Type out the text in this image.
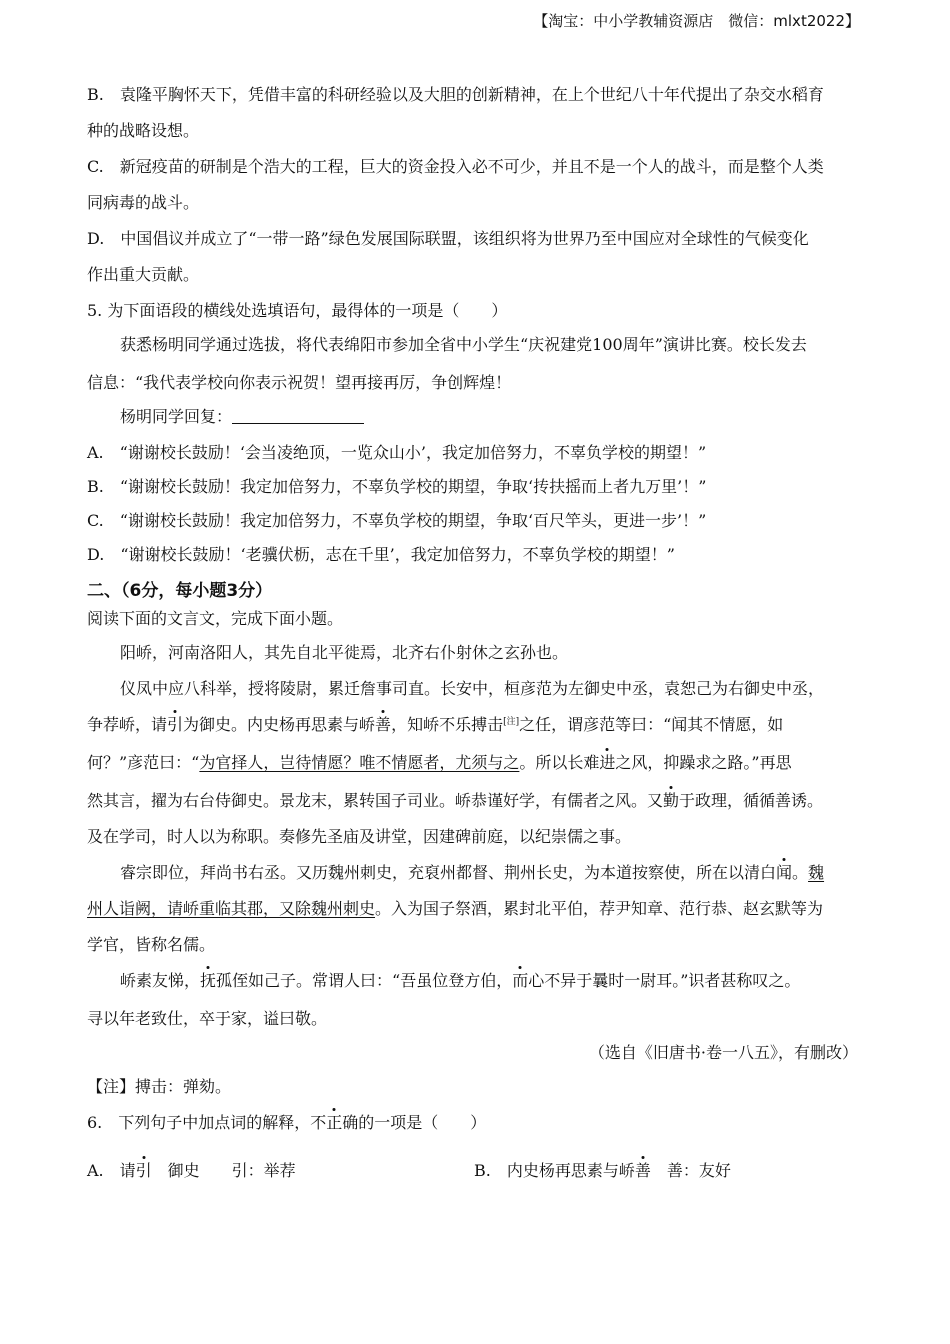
【淘宝：中小学教辅资源店　微信：mlxt2022】
B.　袁隆平胸怀天下，凭借丰富的科研经验以及大胆的创新精神，在上个世纪八十年代提出了杂交水稻育
种的战略设想。
C.　新冠疫苗的研制是个浩大的工程，巨大的资金投入必不可少，并且不是一个人的战斗，而是整个人类
同病毒的战斗。
D.　中国倡议并成立了“一带一路”绿色发展国际联盟，该组织将为世界乃至中国应对全球性的气候变化
作出重大贡献。
5. 为下面语段的横线处选填语句，最得体的一项是（　　）
获悉杨明同学通过选拔，将代表绵阳市参加全省中小学生“庆祝建党100周年”演讲比赛。校长发去
信息：“我代表学校向你表示祝贺！望再接再厉，争创辉煌！
杨明同学回复：
A.　“谢谢校长鼓励！‘会当凌绝顶，一览众山小’，我定加倍努力，不辜负学校的期望！”
B.　“谢谢校长鼓励！我定加倍努力，不辜负学校的期望，争取‘抟扶摇而上者九万里’！”
C.　“谢谢校长鼓励！我定加倍努力，不辜负学校的期望，争取‘百尺竿头，更进一步’！”
D.　“谢谢校长鼓励！‘老骥伏枥，志在千里’，我定加倍努力，不辜负学校的期望！”
二、（6分，每小题3分）
阅读下面的文言文，完成下面小题。
阳峤，河南洛阳人，其先自北平徙焉，北齐右仆射休之玄孙也。
仪凤中应八科举，授将陵尉，累迁詹事司直。长安中，桓彦范为左御史中丞，袁恕己为右御史中丞，
争荐峤，请引为御史。内史杨再思素与峤善，知峤不乐搏击[注]之任，谓彦范等曰：“闻其不情愿，如
何？”彦范曰：“为官择人，岂待情愿？唯不情愿者，尤须与之。所以长难进之风，抑躁求之路。”再思
然其言，擢为右台侍御史。景龙末，累转国子司业。峤恭谨好学，有儒者之风。又勤于政理，循循善诱。
及在学司，时人以为称职。奏修先圣庙及讲堂，因建碑前庭，以纪崇儒之事。
睿宗即位，拜尚书右丞。又历魏州刺史，充裒州都督、荆州长史，为本道按察使，所在以清白闻。魏
州人诣阙，请峤重临其郡，又除魏州刺史。入为国子祭酒，累封北平伯，荐尹知章、范行恭、赵玄默等为
学官，皆称名儒。
峤素友悌，抚孤侄如己子。常谓人曰：“吾虽位登方伯，而心不异于曩时一尉耳。”识者甚称叹之。
寻以年老致仕，卒于家，谥曰敬。
（选自《旧唐书·卷一八五》，有删改）
【注】搏击：弹劾。
6.　下列句子中加点词的解释，不正确的一项是（　　）
A.　请引　御史　　引：举荐	B.　内史杨再思素与峤善　善：友好
